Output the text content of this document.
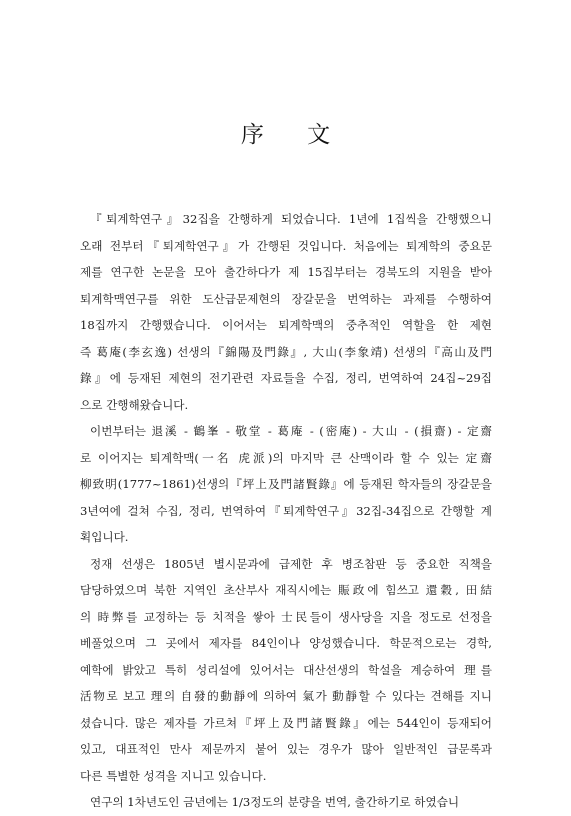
序 文
『퇴계학연구』32집을 간행하게 되었습니다. 1년에 1집씩을 간행했으니
오래 전부터『퇴계학연구』가 간행된 것입니다. 처음에는 퇴계학의 중요문
제를 연구한 논문을 모아 출간하다가 제 15집부터는 경북도의 지원을 받아
퇴계학맥연구를 위한 도산급문제현의 장갈문을 번역하는 과제를 수행하여
18집까지 간행했습니다. 이어서는 퇴계학맥의 중추적인 역할을 한 제현
즉 葛庵(李玄逸) 선생의『錦陽及門錄』, 大山(李象靖) 선생의『高山及門
錄』에 등재된 제현의 전기관련 자료들을 수집, 정리, 번역하여 24집~29집
으로 간행해왔습니다.
이번부터는 退溪 - 鶴峯 - 敬堂 - 葛庵 - (密庵) - 大山 - (損齋) - 定齋
로 이어지는 퇴계학맥(一名 虎派)의 마지막 큰 산맥이라 할 수 있는 定齋
柳致明(1777~1861)선생의『坪上及門諸賢錄』에 등재된 학자들의 장갈문을
3년여에 걸쳐 수집, 정리, 번역하여『퇴계학연구』32집-34집으로 간행할 계
획입니다.
정재 선생은 1805년 별시문과에 급제한 후 병조참판 등 중요한 직책을
담당하였으며 북한 지역인 초산부사 재직시에는 賑政에 힘쓰고 還穀, 田結
의 時弊를 교정하는 등 치적을 쌓아 士民들이 생사당을 지을 정도로 선정을
베풀었으며 그 곳에서 제자를 84인이나 양성했습니다. 학문적으로는 경학,
예학에 밝았고 특히 성리설에 있어서는 대산선생의 학설을 계승하여 理를
活物로 보고 理의 自發的動靜에 의하여 氣가 動靜할 수 있다는 견해를 지니
셨습니다. 많은 제자를 가르쳐『坪上及門諸賢錄』에는 544인이 등재되어
있고, 대표적인 만사 제문까지 붙어 있는 경우가 많아 일반적인 급문록과
다른 특별한 성격을 지니고 있습니다.
연구의 1차년도인 금년에는 1/3정도의 분량을 번역, 출간하기로 하였습니
